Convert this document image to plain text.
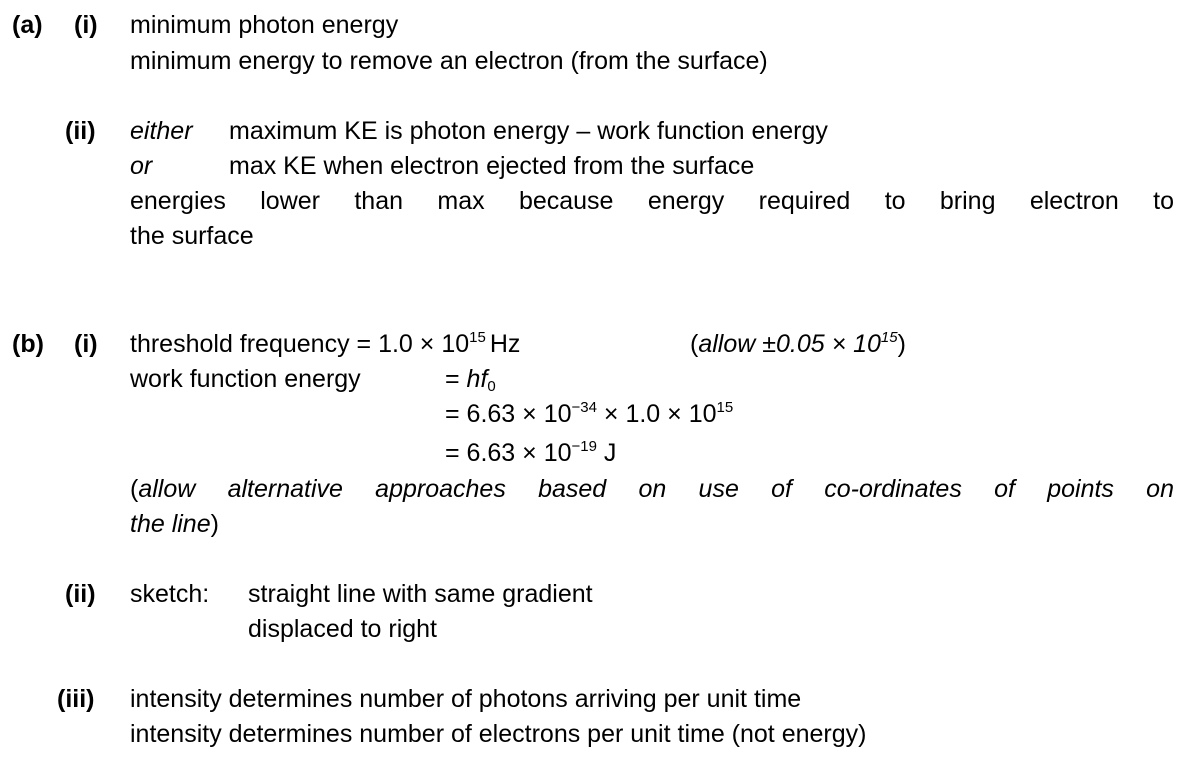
(a) (i) minimum photon energy
minimum energy to remove an electron (from the surface)
(ii) either maximum KE is photon energy – work function energy
or	max KE when electron ejected from the surface
energies lower than max because energy required to bring electron to
the surface
(b) (i) threshold frequency = $1.0 \times 10^{15}$ Hz	(allow $\pm 0.05 \times 10^{15}$)
work function energy	= $hf_0$
= $6.63 \times 10^{-34} \times 1.0 \times 10^{15}$
= $6.63 \times 10^{-19}$ J
(allow alternative approaches based on use of co-ordinates of points on
the line)
(ii) sketch: straight line with same gradient
displaced to right
(iii) intensity determines number of photons arriving per unit time
intensity determines number of electrons per unit time (not energy)
